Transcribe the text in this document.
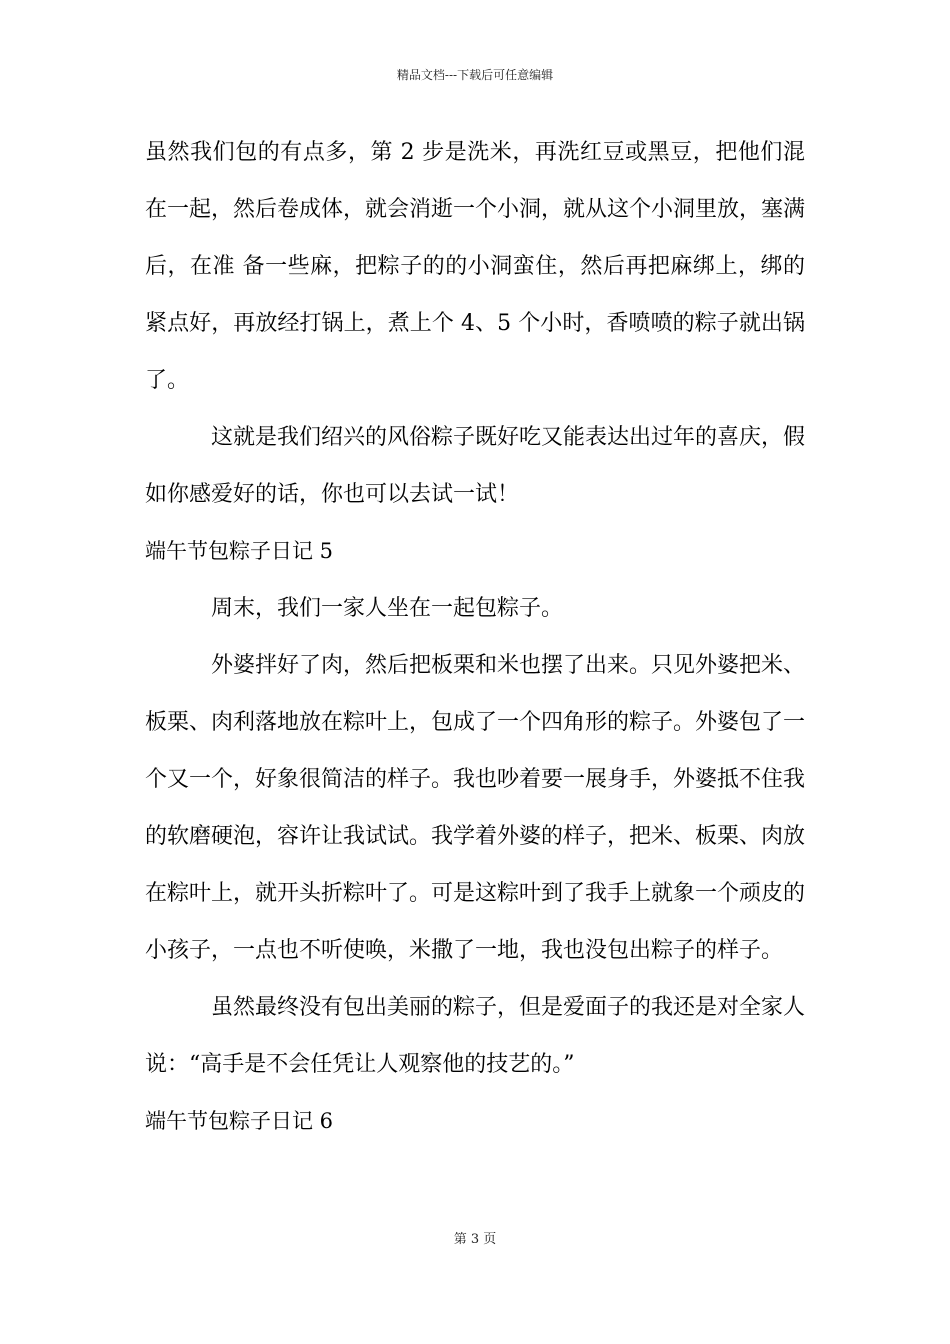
精品文档---下载后可任意编辑

虽然我们包的有点多，第 2 步是洗米，再洗红豆或黑豆，把他们混在一起，然后卷成体，就会消逝一个小洞，就从这个小洞里放，塞满后，在准 备一些麻，把粽子的的小洞蛮住，然后再把麻绑上，绑的紧点好，再放经打锅上，煮上个 4、5 个小时，香喷喷的粽子就出锅了。

这就是我们绍兴的风俗粽子既好吃又能表达出过年的喜庆，假如你感爱好的话，你也可以去试一试！

端午节包粽子日记 5

周末，我们一家人坐在一起包粽子。

外婆拌好了肉，然后把板栗和米也摆了出来。只见外婆把米、板栗、肉利落地放在粽叶上，包成了一个四角形的粽子。外婆包了一个又一个，好象很简洁的样子。我也吵着要一展身手，外婆抵不住我的软磨硬泡，容许让我试试。我学着外婆的样子，把米、板栗、肉放在粽叶上，就开头折粽叶了。可是这粽叶到了我手上就象一个顽皮的小孩子，一点也不听使唤，米撒了一地，我也没包出粽子的样子。

虽然最终没有包出美丽的粽子，但是爱面子的我还是对全家人说：“高手是不会任凭让人观察他的技艺的。”

端午节包粽子日记 6

第 3 页
